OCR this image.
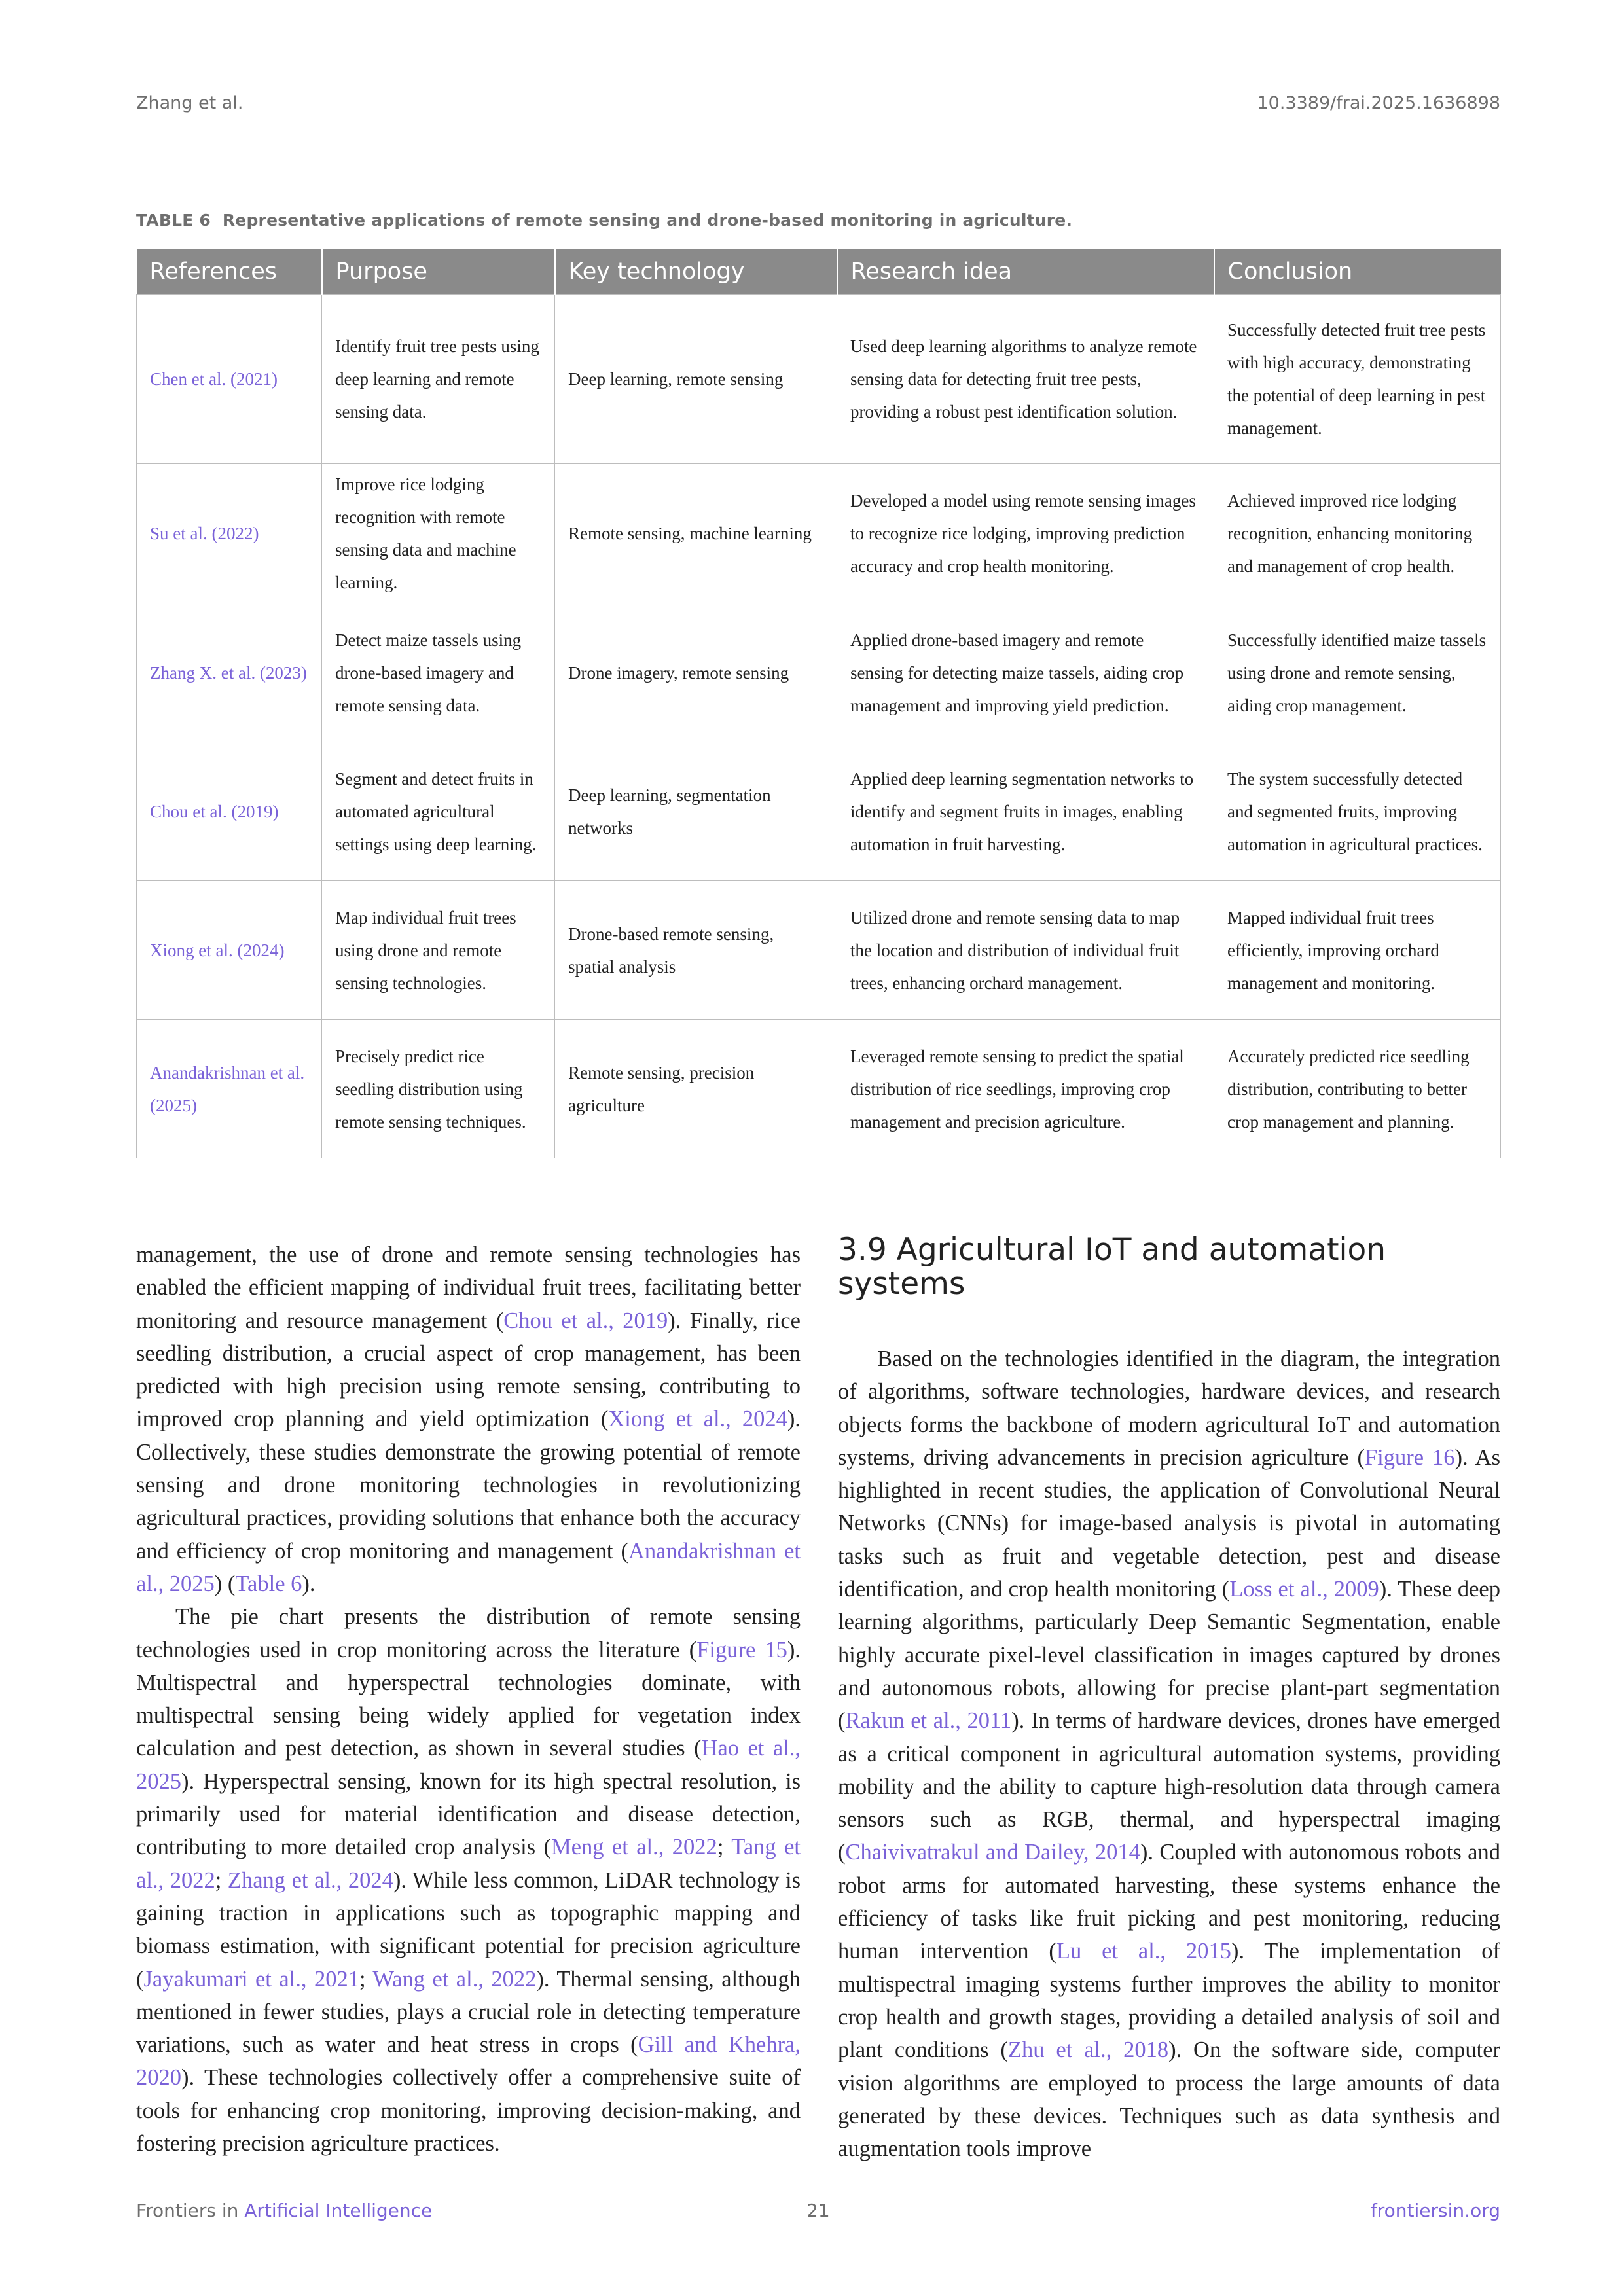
Zhang et al.	10.3389/frai.2025.1636898
TABLE 6 Representative applications of remote sensing and drone-based monitoring in agriculture.
References	Purpose	Key technology	Research idea	Conclusion
Chen et al. (2021)	Identify fruit tree pests using deep learning and remote sensing data.	Deep learning, remote sensing	Used deep learning algorithms to analyze remote sensing data for detecting fruit tree pests, providing a robust pest identification solution.	Successfully detected fruit tree pests with high accuracy, demonstrating the potential of deep learning in pest management.
Su et al. (2022)	Improve rice lodging recognition with remote sensing data and machine learning.	Remote sensing, machine learning	Developed a model using remote sensing images to recognize rice lodging, improving prediction accuracy and crop health monitoring.	Achieved improved rice lodging recognition, enhancing monitoring and management of crop health.
Zhang X. et al. (2023)	Detect maize tassels using drone-based imagery and remote sensing data.	Drone imagery, remote sensing	Applied drone-based imagery and remote sensing for detecting maize tassels, aiding crop management and improving yield prediction.	Successfully identified maize tassels using drone and remote sensing, aiding crop management.
Chou et al. (2019)	Segment and detect fruits in automated agricultural settings using deep learning.	Deep learning, segmentation networks	Applied deep learning segmentation networks to identify and segment fruits in images, enabling automation in fruit harvesting.	The system successfully detected and segmented fruits, improving automation in agricultural practices.
Xiong et al. (2024)	Map individual fruit trees using drone and remote sensing technologies.	Drone-based remote sensing, spatial analysis	Utilized drone and remote sensing data to map the location and distribution of individual fruit trees, enhancing orchard management.	Mapped individual fruit trees efficiently, improving orchard management and monitoring.
Anandakrishnan et al. (2025)	Precisely predict rice seedling distribution using remote sensing techniques.	Remote sensing, precision agriculture	Leveraged remote sensing to predict the spatial distribution of rice seedlings, improving crop management and precision agriculture.	Accurately predicted rice seedling distribution, contributing to better crop management and planning.

management, the use of drone and remote sensing technologies has enabled the efficient mapping of individual fruit trees, facilitating better monitoring and resource management (Chou et al., 2019). Finally, rice seedling distribution, a crucial aspect of crop management, has been predicted with high precision using remote sensing, contributing to improved crop planning and yield optimization (Xiong et al., 2024). Collectively, these studies demonstrate the growing potential of remote sensing and drone monitoring technologies in revolutionizing agricultural practices, providing solutions that enhance both the accuracy and efficiency of crop monitoring and management (Anandakrishnan et al., 2025) (Table 6).

The pie chart presents the distribution of remote sensing technologies used in crop monitoring across the literature (Figure 15). Multispectral and hyperspectral technologies dominate, with multispectral sensing being widely applied for vegetation index calculation and pest detection, as shown in several studies (Hao et al., 2025). Hyperspectral sensing, known for its high spectral resolution, is primarily used for material identification and disease detection, contributing to more detailed crop analysis (Meng et al., 2022; Tang et al., 2022; Zhang et al., 2024). While less common, LiDAR technology is gaining traction in applications such as topographic mapping and biomass estimation, with significant potential for precision agriculture (Jayakumari et al., 2021; Wang et al., 2022). Thermal sensing, although mentioned in fewer studies, plays a crucial role in detecting temperature variations, such as water and heat stress in crops (Gill and Khehra, 2020). These technologies collectively offer a comprehensive suite of tools for enhancing crop monitoring, improving decision-making, and fostering precision agriculture practices.

3.9 Agricultural IoT and automation systems

Based on the technologies identified in the diagram, the integration of algorithms, software technologies, hardware devices, and research objects forms the backbone of modern agricultural IoT and automation systems, driving advancements in precision agriculture (Figure 16). As highlighted in recent studies, the application of Convolutional Neural Networks (CNNs) for image-based analysis is pivotal in automating tasks such as fruit and vegetable detection, pest and disease identification, and crop health monitoring (Loss et al., 2009). These deep learning algorithms, particularly Deep Semantic Segmentation, enable highly accurate pixel-level classification in images captured by drones and autonomous robots, allowing for precise plant-part segmentation (Rakun et al., 2011). In terms of hardware devices, drones have emerged as a critical component in agricultural automation systems, providing mobility and the ability to capture high-resolution data through camera sensors such as RGB, thermal, and hyperspectral imaging (Chaivivatrakul and Dailey, 2014). Coupled with autonomous robots and robot arms for automated harvesting, these systems enhance the efficiency of tasks like fruit picking and pest monitoring, reducing human intervention (Lu et al., 2015). The implementation of multispectral imaging systems further improves the ability to monitor crop health and growth stages, providing a detailed analysis of soil and plant conditions (Zhu et al., 2018). On the software side, computer vision algorithms are employed to process the large amounts of data generated by these devices. Techniques such as data synthesis and augmentation tools improve

Frontiers in Artificial Intelligence	21	frontiersin.org
